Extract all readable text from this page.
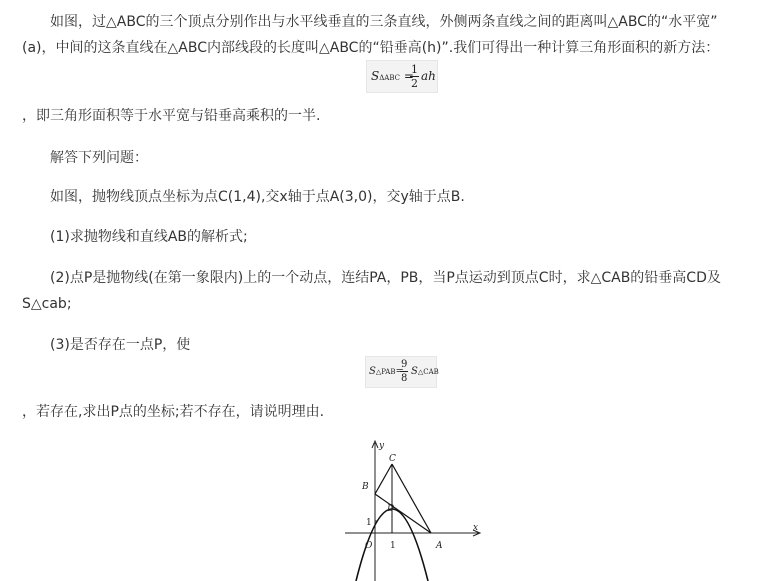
如图，过△ABC的三个顶点分别作出与水平线垂直的三条直线，外侧两条直线之间的距离叫△ABC的“水平宽”
(a)，中间的这条直线在△ABC内部线段的长度叫△ABC的“铅垂高(h)”.我们可得出一种计算三角形面积的新方法：
SΔABC =
$\frac{1}{2}$ ah
，即三角形面积等于水平宽与铅垂高乘积的一半.
解答下列问题：
如图，抛物线顶点坐标为点C(1,4),交x轴于点A(3,0)，交y轴于点B.
(1)求抛物线和直线AB的解析式;
(2)点P是抛物线(在第一象限内)上的一个动点，连结PA，PB，当P点运动到顶点C时，求△CAB的铅垂高CD及
S△cab;
(3)是否存在一点P，使
S△PAB=
$\frac{9}{8}$ S△CAB
，若存在,求出P点的坐标;若不存在，请说明理由.
y
x
C
B
D
O 1
1
A
